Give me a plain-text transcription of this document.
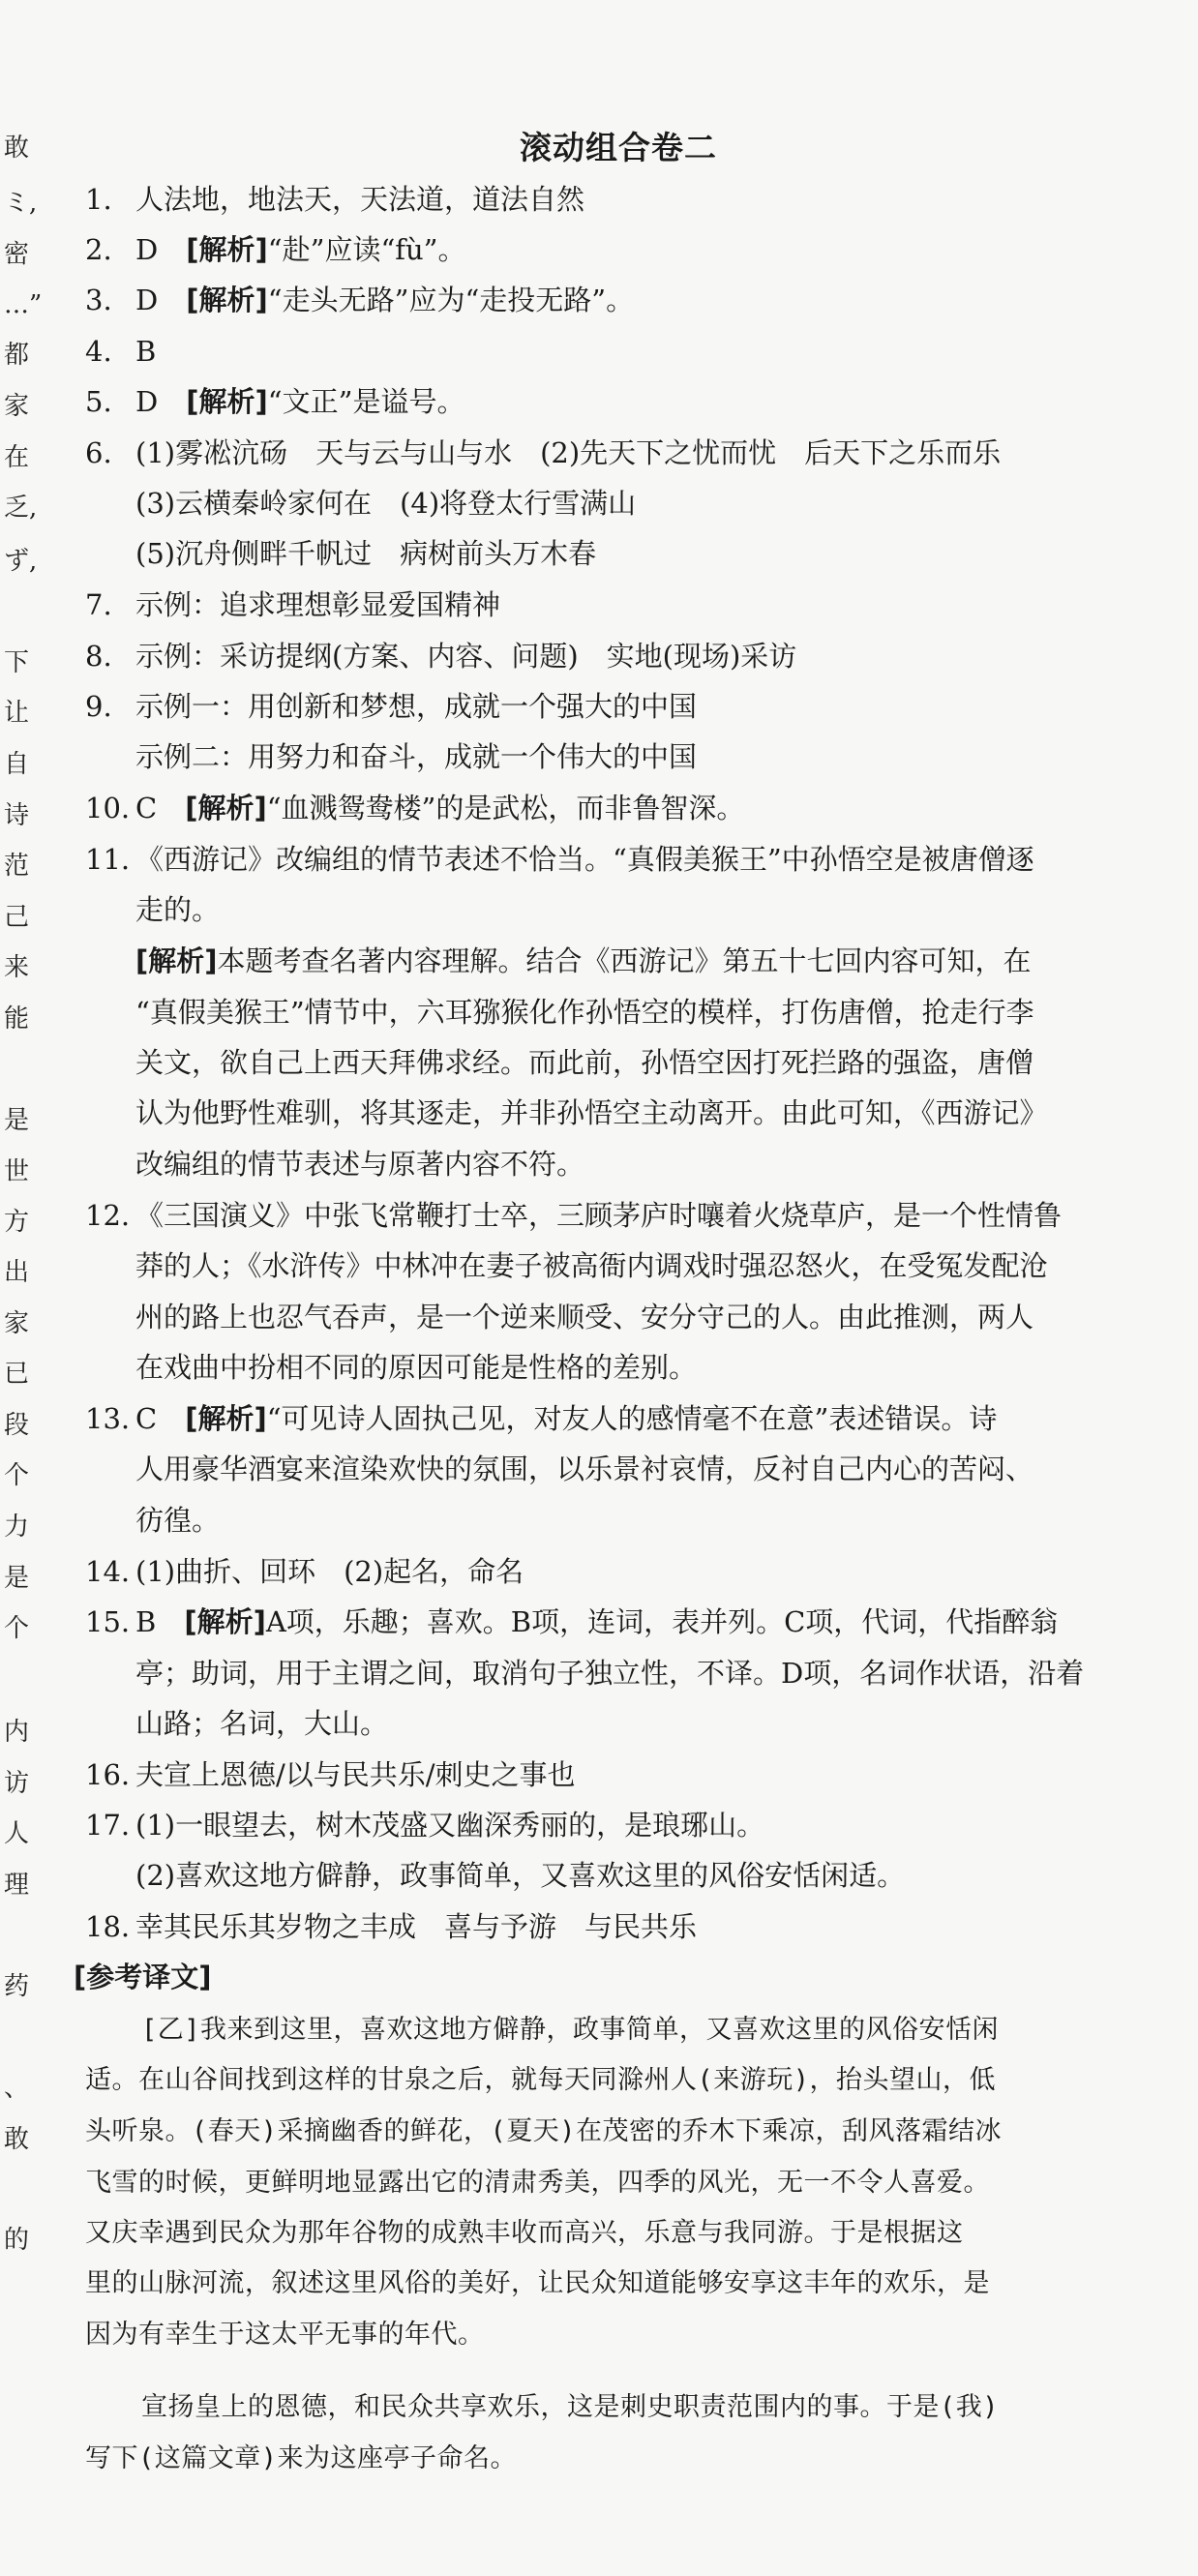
敢
ミ,
密
…”
都
家
在
乏,
ず,
下
让
自
诗
范
己
来
能
是
世
方
出
家
已
段
个
力
是
个
内
访
人
理
药
、
敢
的
滚动组合卷二
1. 人法地，地法天，天法道，道法自然
2. D　 [解析]“赴”应读“fù”。
3. D　 [解析]“走头无路”应为“走投无路”。
4. B
5. D　 [解析]“文正”是谥号。
6. (1)雾凇沆砀　天与云与山与水　(2)先天下之忧而忧　后天下之乐而乐
(3)云横秦岭家何在　(4)将登太行雪满山
(5)沉舟侧畔千帆过　病树前头万木春
7. 示例：追求理想彰显爱国精神
8. 示例：采访提纲(方案、内容、问题)　实地(现场)采访
9. 示例一：用创新和梦想，成就一个强大的中国
示例二：用努力和奋斗，成就一个伟大的中国
10. C　 [解析]“血溅鸳鸯楼”的是武松，而非鲁智深。
11. 《西游记》改编组的情节表述不恰当。“真假美猴王”中孙悟空是被唐僧逐
走的。
[解析]本题考查名著内容理解。结合《西游记》第五十七回内容可知，在
“真假美猴王”情节中，六耳猕猴化作孙悟空的模样，打伤唐僧，抢走行李
关文，欲自己上西天拜佛求经。而此前，孙悟空因打死拦路的强盗，唐僧
认为他野性难驯，将其逐走，并非孙悟空主动离开。由此可知，《西游记》
改编组的情节表述与原著内容不符。
12. 《三国演义》中张飞常鞭打士卒，三顾茅庐时嚷着火烧草庐，是一个性情鲁
莽的人；《水浒传》中林冲在妻子被高衙内调戏时强忍怒火，在受冤发配沧
州的路上也忍气吞声，是一个逆来顺受、安分守己的人。由此推测，两人
在戏曲中扮相不同的原因可能是性格的差别。
13. C　 [解析]“可见诗人固执己见，对友人的感情毫不在意”表述错误。诗
人用豪华酒宴来渲染欢快的氛围，以乐景衬哀情，反衬自己内心的苦闷、
彷徨。
14. (1)曲折、回环　(2)起名，命名
15. B　 [解析]A项，乐趣；喜欢。B项，连词，表并列。C项，代词，代指醉翁
亭；助词，用于主谓之间，取消句子独立性，不译。D项，名词作状语，沿着
山路；名词，大山。
16. 夫宣上恩德/以与民共乐/刺史之事也
17. (1)一眼望去，树木茂盛又幽深秀丽的，是琅琊山。
(2)喜欢这地方僻静，政事简单，又喜欢这里的风俗安恬闲适。
18. 幸其民乐其岁物之丰成　喜与予游　与民共乐
[参考译文]
[乙]我来到这里，喜欢这地方僻静，政事简单，又喜欢这里的风俗安恬闲
适。在山谷间找到这样的甘泉之后，就每天同滁州人(来游玩)，抬头望山，低
头听泉。(春天)采摘幽香的鲜花，(夏天)在茂密的乔木下乘凉，刮风落霜结冰
飞雪的时候，更鲜明地显露出它的清肃秀美，四季的风光，无一不令人喜爱。
又庆幸遇到民众为那年谷物的成熟丰收而高兴，乐意与我同游。于是根据这
里的山脉河流，叙述这里风俗的美好，让民众知道能够安享这丰年的欢乐，是
因为有幸生于这太平无事的年代。
宣扬皇上的恩德，和民众共享欢乐，这是刺史职责范围内的事。于是(我)
写下(这篇文章)来为这座亭子命名。
